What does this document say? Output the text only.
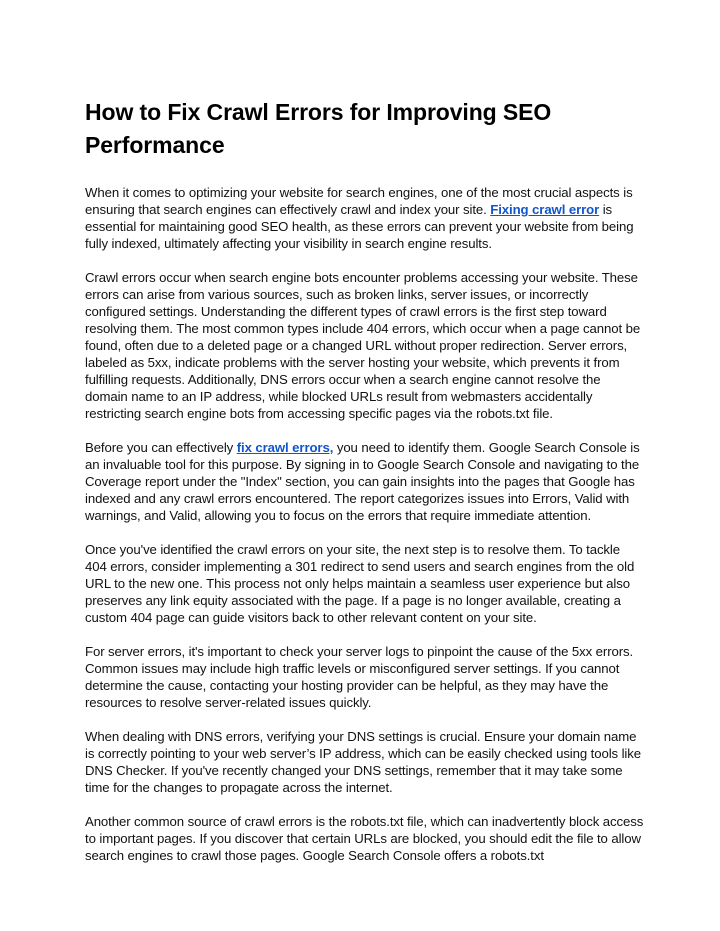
How to Fix Crawl Errors for Improving SEO Performance

When it comes to optimizing your website for search engines, one of the most crucial aspects is ensuring that search engines can effectively crawl and index your site. Fixing crawl error is essential for maintaining good SEO health, as these errors can prevent your website from being fully indexed, ultimately affecting your visibility in search engine results.

Crawl errors occur when search engine bots encounter problems accessing your website. These errors can arise from various sources, such as broken links, server issues, or incorrectly configured settings. Understanding the different types of crawl errors is the first step toward resolving them. The most common types include 404 errors, which occur when a page cannot be found, often due to a deleted page or a changed URL without proper redirection. Server errors, labeled as 5xx, indicate problems with the server hosting your website, which prevents it from fulfilling requests. Additionally, DNS errors occur when a search engine cannot resolve the domain name to an IP address, while blocked URLs result from webmasters accidentally restricting search engine bots from accessing specific pages via the robots.txt file.

Before you can effectively fix crawl errors, you need to identify them. Google Search Console is an invaluable tool for this purpose. By signing in to Google Search Console and navigating to the Coverage report under the "Index" section, you can gain insights into the pages that Google has indexed and any crawl errors encountered. The report categorizes issues into Errors, Valid with warnings, and Valid, allowing you to focus on the errors that require immediate attention.

Once you've identified the crawl errors on your site, the next step is to resolve them. To tackle 404 errors, consider implementing a 301 redirect to send users and search engines from the old URL to the new one. This process not only helps maintain a seamless user experience but also preserves any link equity associated with the page. If a page is no longer available, creating a custom 404 page can guide visitors back to other relevant content on your site.

For server errors, it's important to check your server logs to pinpoint the cause of the 5xx errors. Common issues may include high traffic levels or misconfigured server settings. If you cannot determine the cause, contacting your hosting provider can be helpful, as they may have the resources to resolve server-related issues quickly.

When dealing with DNS errors, verifying your DNS settings is crucial. Ensure your domain name is correctly pointing to your web server’s IP address, which can be easily checked using tools like DNS Checker. If you've recently changed your DNS settings, remember that it may take some time for the changes to propagate across the internet.

Another common source of crawl errors is the robots.txt file, which can inadvertently block access to important pages. If you discover that certain URLs are blocked, you should edit the file to allow search engines to crawl those pages. Google Search Console offers a robots.txt
